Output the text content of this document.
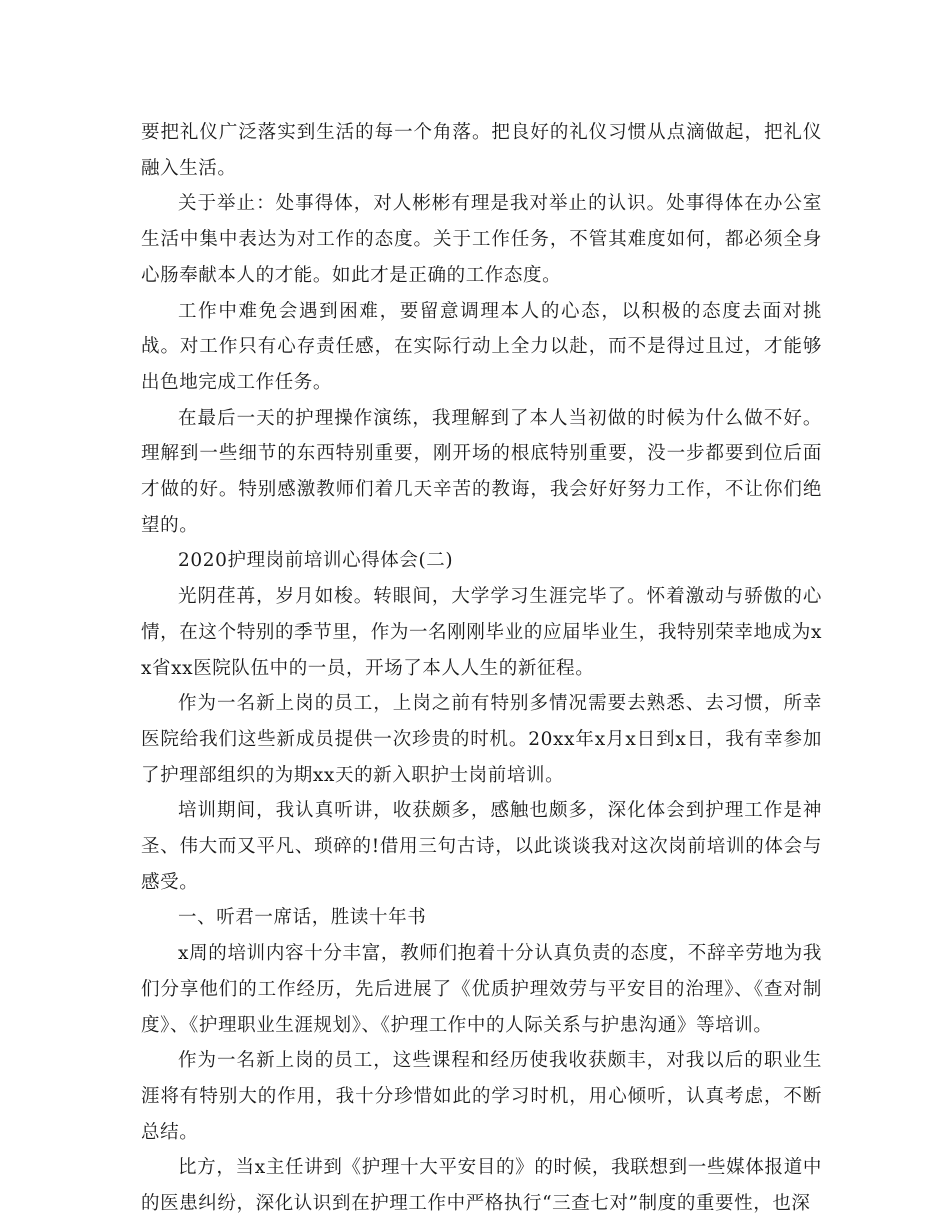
要把礼仪广泛落实到生活的每一个角落。把良好的礼仪习惯从点滴做起，把礼仪融入生活。

关于举止：处事得体，对人彬彬有理是我对举止的认识。处事得体在办公室生活中集中表达为对工作的态度。关于工作任务，不管其难度如何，都必须全身心肠奉献本人的才能。如此才是正确的工作态度。

工作中难免会遇到困难，要留意调理本人的心态，以积极的态度去面对挑战。对工作只有心存责任感，在实际行动上全力以赴，而不是得过且过，才能够出色地完成工作任务。

在最后一天的护理操作演练，我理解到了本人当初做的时候为什么做不好。理解到一些细节的东西特别重要，刚开场的根底特别重要，没一步都要到位后面才做的好。特别感激教师们着几天辛苦的教诲，我会好好努力工作，不让你们绝望的。

2020护理岗前培训心得体会(二)

光阴荏苒，岁月如梭。转眼间，大学学习生涯完毕了。怀着激动与骄傲的心情，在这个特别的季节里，作为一名刚刚毕业的应届毕业生，我特别荣幸地成为xx省xx医院队伍中的一员，开场了本人人生的新征程。

作为一名新上岗的员工，上岗之前有特别多情况需要去熟悉、去习惯，所幸医院给我们这些新成员提供一次珍贵的时机。20xx年x月x日到x日，我有幸参加了护理部组织的为期xx天的新入职护士岗前培训。

培训期间，我认真听讲，收获颇多，感触也颇多，深化体会到护理工作是神圣、伟大而又平凡、琐碎的!借用三句古诗，以此谈谈我对这次岗前培训的体会与感受。

一、听君一席话，胜读十年书

x周的培训内容十分丰富，教师们抱着十分认真负责的态度，不辞辛劳地为我们分享他们的工作经历，先后进展了《优质护理效劳与平安目的治理》、《查对制度》、《护理职业生涯规划》、《护理工作中的人际关系与护患沟通》等培训。

作为一名新上岗的员工，这些课程和经历使我收获颇丰，对我以后的职业生涯将有特别大的作用，我十分珍惜如此的学习时机，用心倾听，认真考虑，不断总结。

比方，当x主任讲到《护理十大平安目的》的时候，我联想到一些媒体报道中的医患纠纷，深化认识到在护理工作中严格执行“三查七对”制度的重要性，也深
